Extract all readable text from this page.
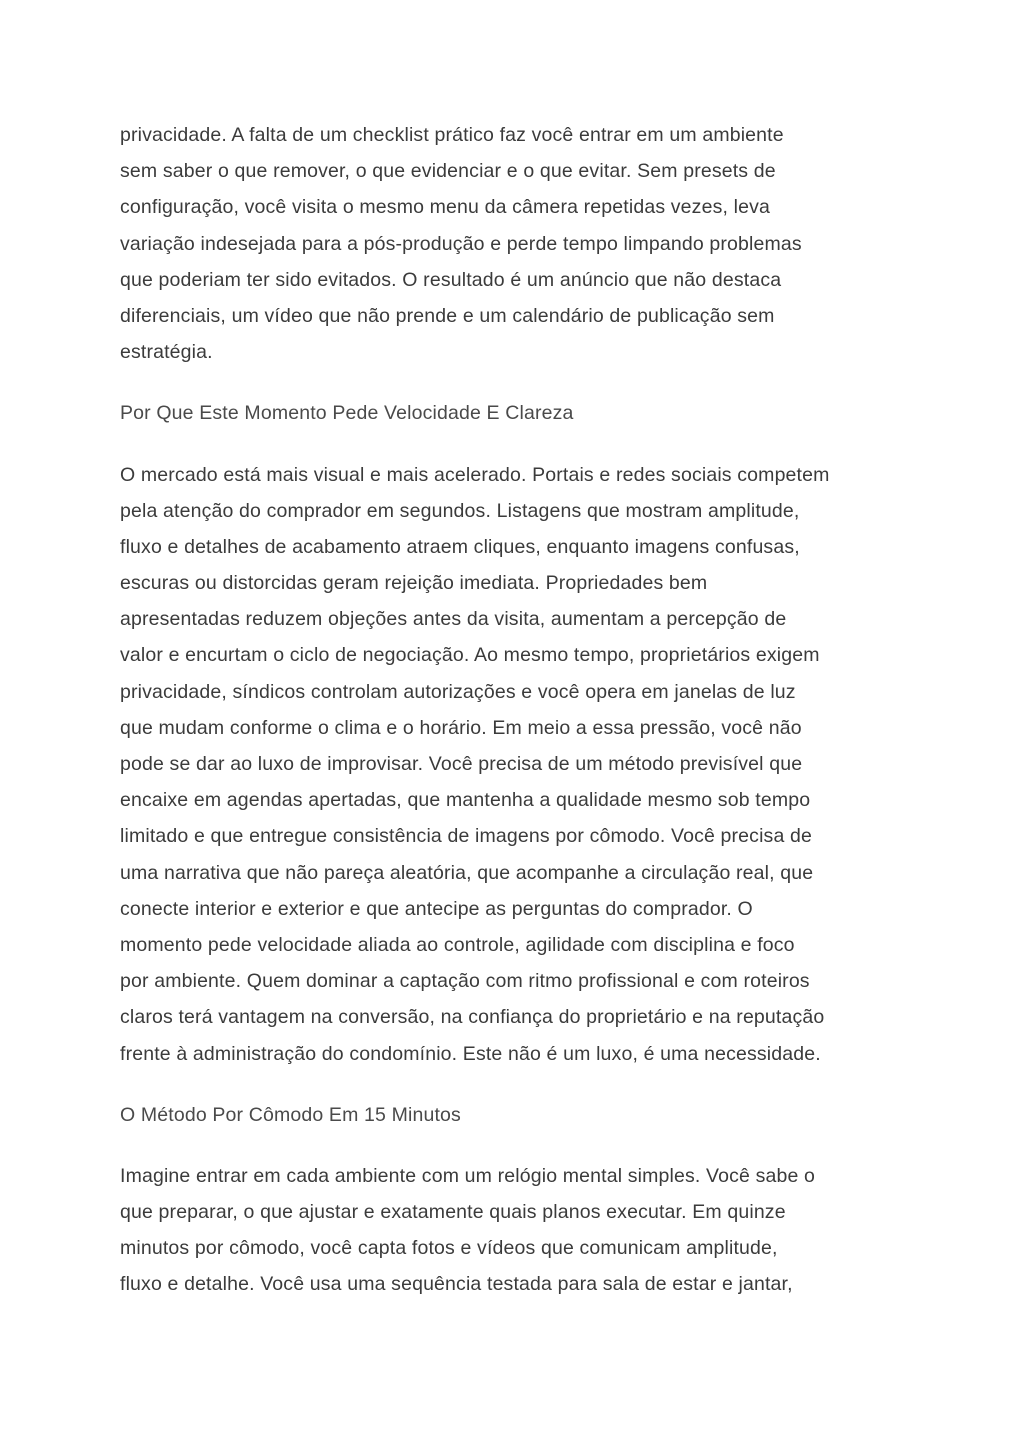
privacidade. A falta de um checklist prático faz você entrar em um ambiente
sem saber o que remover, o que evidenciar e o que evitar. Sem presets de
configuração, você visita o mesmo menu da câmera repetidas vezes, leva
variação indesejada para a pós-produção e perde tempo limpando problemas
que poderiam ter sido evitados. O resultado é um anúncio que não destaca
diferenciais, um vídeo que não prende e um calendário de publicação sem
estratégia.
Por Que Este Momento Pede Velocidade E Clareza
O mercado está mais visual e mais acelerado. Portais e redes sociais competem
pela atenção do comprador em segundos. Listagens que mostram amplitude,
fluxo e detalhes de acabamento atraem cliques, enquanto imagens confusas,
escuras ou distorcidas geram rejeição imediata. Propriedades bem
apresentadas reduzem objeções antes da visita, aumentam a percepção de
valor e encurtam o ciclo de negociação. Ao mesmo tempo, proprietários exigem
privacidade, síndicos controlam autorizações e você opera em janelas de luz
que mudam conforme o clima e o horário. Em meio a essa pressão, você não
pode se dar ao luxo de improvisar. Você precisa de um método previsível que
encaixe em agendas apertadas, que mantenha a qualidade mesmo sob tempo
limitado e que entregue consistência de imagens por cômodo. Você precisa de
uma narrativa que não pareça aleatória, que acompanhe a circulação real, que
conecte interior e exterior e que antecipe as perguntas do comprador. O
momento pede velocidade aliada ao controle, agilidade com disciplina e foco
por ambiente. Quem dominar a captação com ritmo profissional e com roteiros
claros terá vantagem na conversão, na confiança do proprietário e na reputação
frente à administração do condomínio. Este não é um luxo, é uma necessidade.
O Método Por Cômodo Em 15 Minutos
Imagine entrar em cada ambiente com um relógio mental simples. Você sabe o
que preparar, o que ajustar e exatamente quais planos executar. Em quinze
minutos por cômodo, você capta fotos e vídeos que comunicam amplitude,
fluxo e detalhe. Você usa uma sequência testada para sala de estar e jantar,
